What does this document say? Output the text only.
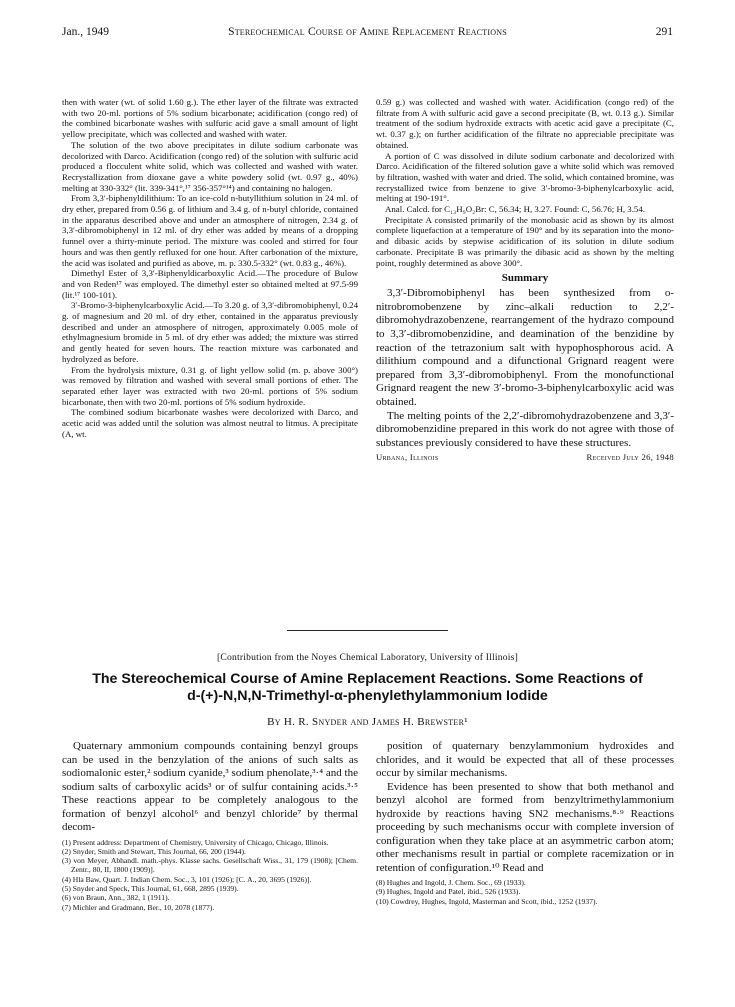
Jan., 1949	Stereochemical Course of Amine Replacement Reactions	291

then with water (wt. of solid 1.60 g.). The ether layer of the filtrate was extracted with two 20-ml. portions of 5% sodium bicarbonate; acidification (congo red) of the combined bicarbonate washes with sulfuric acid gave a small amount of light yellow precipitate, which was collected and washed with water.

The solution of the two above precipitates in dilute sodium carbonate was decolorized with Darco. Acidification (congo red) of the solution with sulfuric acid produced a flocculent white solid, which was collected and washed with water. Recrystallization from dioxane gave a white powdery solid (wt. 0.97 g., 40%) melting at 330-332° (lit. 339-341°,¹⁷ 356-357°¹⁴) and containing no halogen.

From 3,3′-biphenyldilithium: To an ice-cold n-butyllithium solution in 24 ml. of dry ether, prepared from 0.56 g. of lithium and 3.4 g. of n-butyl chloride, contained in the apparatus described above and under an atmosphere of nitrogen, 2.34 g. of 3,3′-dibromobiphenyl in 12 ml. of dry ether was added by means of a dropping funnel over a thirty-minute period. The mixture was cooled and stirred for four hours and was then gently refluxed for one hour. After carbonation of the mixture, the acid was isolated and purified as above, m. p. 330.5-332° (wt. 0.83 g., 46%).

Dimethyl Ester of 3,3′-Biphenyldicarboxylic Acid.—The procedure of Bulow and von Reden¹⁷ was employed. The dimethyl ester so obtained melted at 97.5-99 (lit.¹⁷ 100-101).

3′-Bromo-3-biphenylcarboxylic Acid.—To 3.20 g. of 3,3′-dibromobiphenyl, 0.24 g. of magnesium and 20 ml. of dry ether, contained in the apparatus previously described and under an atmosphere of nitrogen, approximately 0.005 mole of ethylmagnesium bromide in 5 ml. of dry ether was added; the mixture was stirred and gently heated for seven hours. The reaction mixture was carbonated and hydrolyzed as before.

From the hydrolysis mixture, 0.31 g. of light yellow solid (m. p. above 300°) was removed by filtration and washed with several small portions of ether. The separated ether layer was extracted with two 20-ml. portions of 5% sodium bicarbonate, then with two 20-ml. portions of 5% sodium hydroxide.

The combined sodium bicarbonate washes were decolorized with Darco, and acetic acid was added until the solution was almost neutral to litmus. A precipitate (A, wt.

0.59 g.) was collected and washed with water. Acidification (congo red) of the filtrate from A with sulfuric acid gave a second precipitate (B, wt. 0.13 g.). Similar treatment of the sodium hydroxide extracts with acetic acid gave a precipitate (C, wt. 0.37 g.); on further acidification of the filtrate no appreciable precipitate was obtained.

A portion of C was dissolved in dilute sodium carbonate and decolorized with Darco. Acidification of the filtered solution gave a white solid which was removed by filtration, washed with water and dried. The solid, which contained bromine, was recrystallized twice from benzene to give 3′-bromo-3-biphenylcarboxylic acid, melting at 190-191°.

Anal. Calcd. for C₁₃H₉O₂Br: C, 56.34; H, 3.27. Found: C, 56.76; H, 3.54.

Precipitate A consisted primarily of the monobasic acid as shown by its almost complete liquefaction at a temperature of 190° and by its separation into the mono- and dibasic acids by stepwise acidification of its solution in dilute sodium carbonate. Precipitate B was primarily the dibasic acid as shown by the melting point, roughly determined as above 300°.

Summary

3,3′-Dibromobiphenyl has been synthesized from o-nitrobromobenzene by zinc–alkali reduction to 2,2′-dibromohydrazobenzene, rearrangement of the hydrazo compound to 3,3′-dibromobenzidine, and deamination of the benzidine by reaction of the tetrazonium salt with hypophosphorous acid. A dilithium compound and a difunctional Grignard reagent were prepared from 3,3′-dibromobiphenyl. From the monofunctional Grignard reagent the new 3′-bromo-3-biphenylcarboxylic acid was obtained.

The melting points of the 2,2′-dibromohydrazobenzene and 3,3′-dibromobenzidine prepared in this work do not agree with those of substances previously considered to have these structures.

Urbana, Illinois	Received July 26, 1948
[Contribution from the Noyes Chemical Laboratory, University of Illinois]
The Stereochemical Course of Amine Replacement Reactions. Some Reactions of
d-(+)-N,N,N-Trimethyl-α-phenylethylammonium Iodide
By H. R. Snyder and James H. Brewster¹

Quaternary ammonium compounds containing benzyl groups can be used in the benzylation of the anions of such salts as sodiomalonic ester,² sodium cyanide,³ sodium phenolate,³·⁴ and the sodium salts of carboxylic acids³ or of sulfur containing acids.³·⁵ These reactions appear to be completely analogous to the formation of benzyl alcohol⁶ and benzyl chloride⁷ by thermal decom-

(1) Present address: Department of Chemistry, University of Chicago, Chicago, Illinois.
(2) Snyder, Smith and Stewart, This Journal, 66, 200 (1944).
(3) von Meyer, Abhandl. math.-phys. Klasse sachs. Gesellschaft Wiss., 31, 179 (1908); [Chem. Zentr., 80, II, 1800 (1909)].
(4) Hla Baw, Quart. J. Indian Chem. Soc., 3, 101 (1926); [C. A., 20, 3695 (1926)].
(5) Snyder and Speck, This Journal, 61, 668, 2895 (1939).
(6) von Braun, Ann., 382, 1 (1911).
(7) Michler and Gradmann, Ber., 10, 2078 (1877).

position of quaternary benzylammonium hydroxides and chlorides, and it would be expected that all of these processes occur by similar mechanisms.

Evidence has been presented to show that both methanol and benzyl alcohol are formed from benzyltrimethylammonium hydroxide by reactions having SN2 mechanisms.⁸·⁹ Reactions proceeding by such mechanisms occur with complete inversion of configuration when they take place at an asymmetric carbon atom; other mechanisms result in partial or complete racemization or in retention of configuration.¹⁰ Read and

(8) Hughes and Ingold, J. Chem. Soc., 69 (1933).
(9) Hughes, Ingold and Patel, ibid., 526 (1933).
(10) Cowdrey, Hughes, Ingold, Masterman and Scott, ibid., 1252 (1937).
